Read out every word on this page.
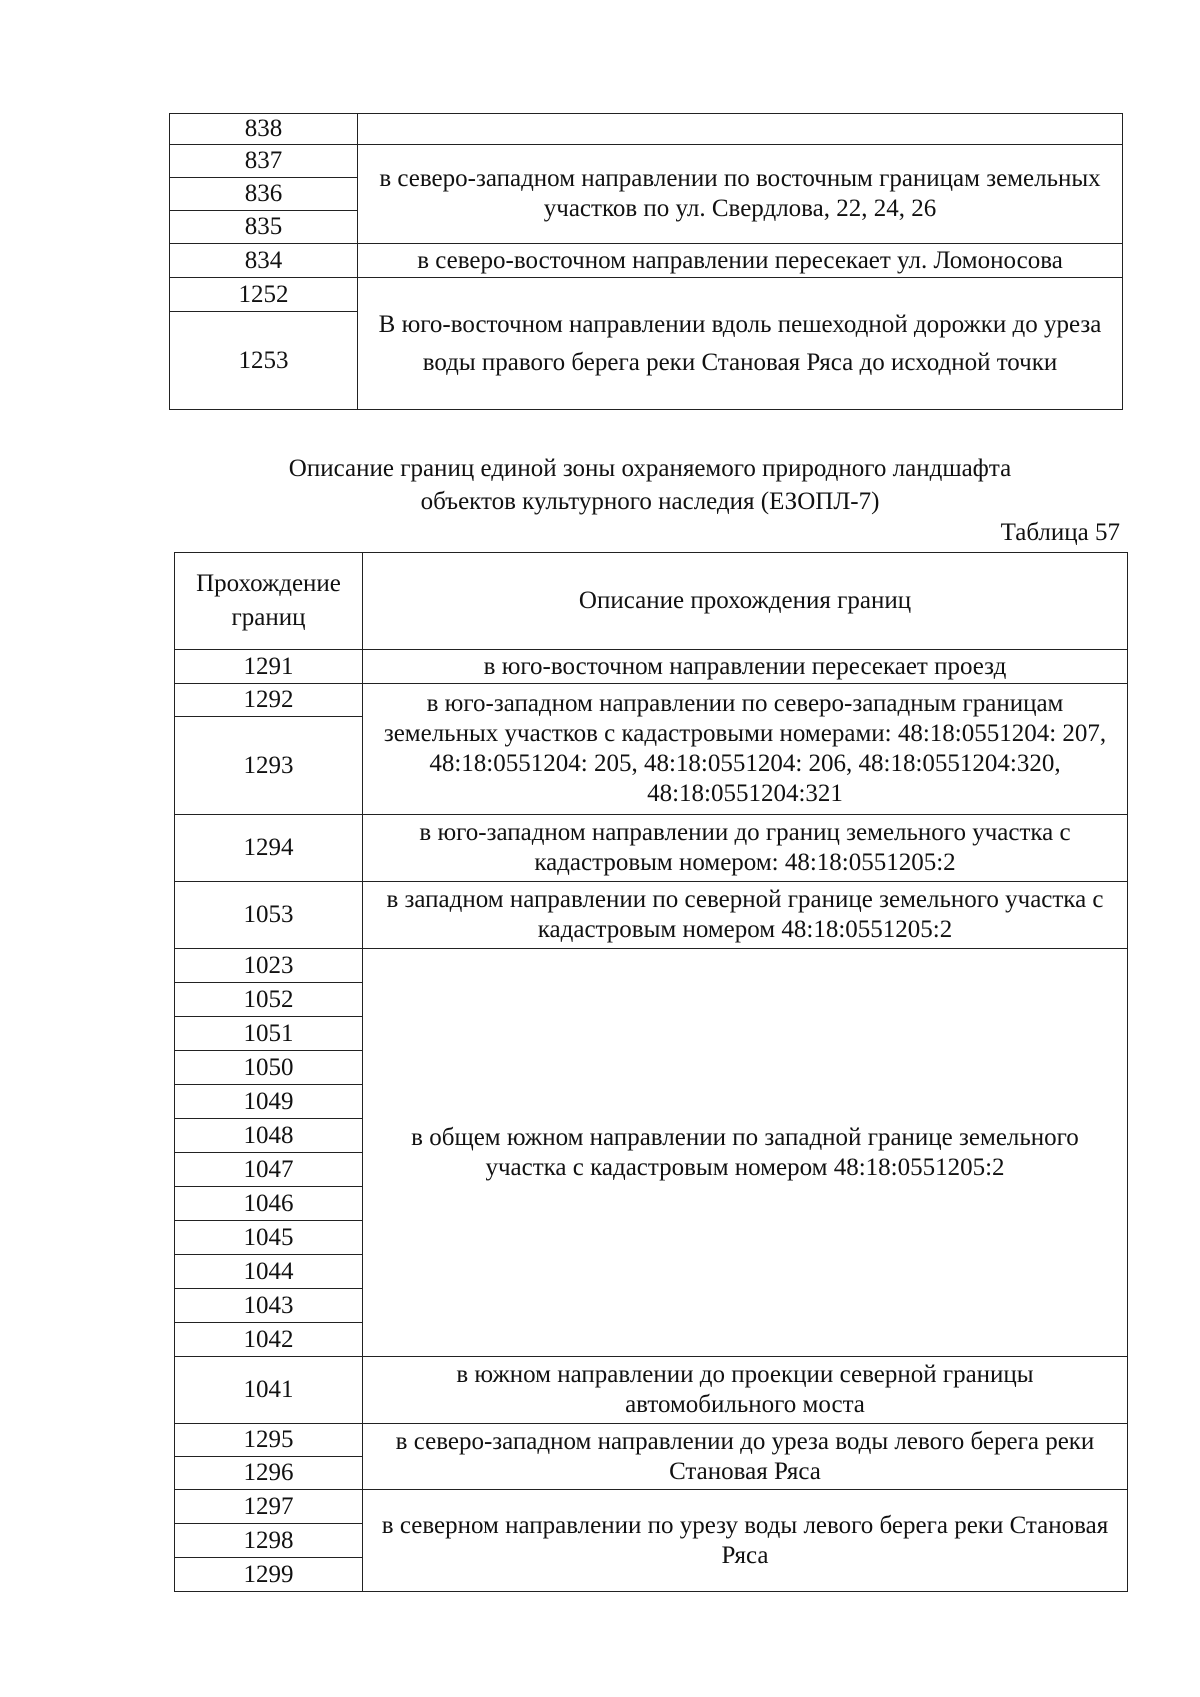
838	
837	в северо-западном направлении по восточным границам земельных участков по ул. Свердлова, 22, 24, 26
836	
835	
834	в северо-восточном направлении пересекает ул. Ломоносова
1252	В юго-восточном направлении вдоль пешеходной дорожки до уреза воды правого берега реки Становая Ряса до исходной точки
1253	
Описание границ единой зоны охраняемого природного ландшафта
объектов культурного наследия (ЕЗОПЛ-7)
Таблица 57
Прохождение
границ	Описание прохождения границ
1291	в юго-восточном направлении пересекает проезд
1292	в юго-западном направлении по северо-западным границам земельных участков с кадастровыми номерами: 48:18:0551204: 207, 48:18:0551204: 205, 48:18:0551204: 206, 48:18:0551204:320, 48:18:0551204:321
1293	
1294	в юго-западном направлении до границ земельного участка с кадастровым номером: 48:18:0551205:2
1053	в западном направлении по северной границе земельного участка с кадастровым номером 48:18:0551205:2
1023	в общем южном направлении по западной границе земельного участка с кадастровым номером 48:18:0551205:2
1052	
1051	
1050	
1049	
1048	
1047	
1046	
1045	
1044	
1043	
1042	
1041	в южном направлении до проекции северной границы автомобильного моста
1295	в северо-западном направлении до уреза воды левого берега реки Становая Ряса
1296	
1297	в северном направлении по урезу воды левого берега реки Становая Ряса
1298	
1299	
